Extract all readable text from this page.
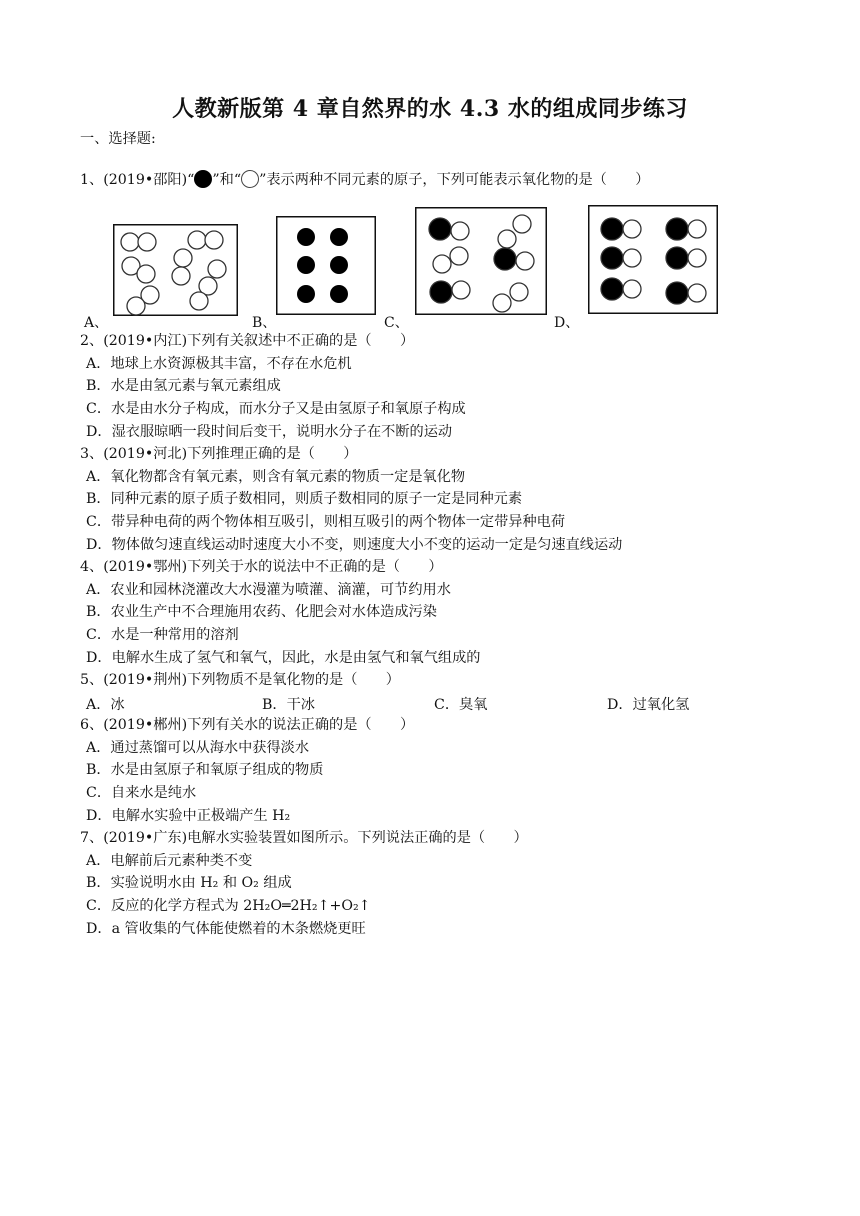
人教新版第 4 章自然界的水 4.3 水的组成同步练习
一、选择题:
1、(2019•邵阳)“ ”和“ ”表示两种不同元素的原子，下列可能表示氧化物的是（　　）
A、	B、	C、	D、
2、(2019•内江)下列有关叙述中不正确的是（　　）
A．地球上水资源极其丰富，不存在水危机
B．水是由氢元素与氧元素组成
C．水是由水分子构成，而水分子又是由氢原子和氧原子构成
D．湿衣服晾晒一段时间后变干，说明水分子在不断的运动
3、(2019•河北)下列推理正确的是（　　）
A．氧化物都含有氧元素，则含有氧元素的物质一定是氧化物
B．同种元素的原子质子数相同，则质子数相同的原子一定是同种元素
C．带异种电荷的两个物体相互吸引，则相互吸引的两个物体一定带异种电荷
D．物体做匀速直线运动时速度大小不变，则速度大小不变的运动一定是匀速直线运动
4、(2019•鄂州)下列关于水的说法中不正确的是（　　）
A．农业和园林浇灌改大水漫灌为喷灌、滴灌，可节约用水
B．农业生产中不合理施用农药、化肥会对水体造成污染
C．水是一种常用的溶剂
D．电解水生成了氢气和氧气，因此，水是由氢气和氧气组成的
5、(2019•荆州)下列物质不是氧化物的是（　　）
A．冰	B．干冰	C．臭氧	D．过氧化氢
6、(2019•郴州)下列有关水的说法正确的是（　　）
A．通过蒸馏可以从海水中获得淡水
B．水是由氢原子和氧原子组成的物质
C．自来水是纯水
D．电解水实验中正极端产生 H₂
7、(2019•广东)电解水实验装置如图所示。下列说法正确的是（　　）
A．电解前后元素种类不变
B．实验说明水由 H₂ 和 O₂ 组成
C．反应的化学方程式为 2H₂O═2H₂↑+O₂↑
D．a 管收集的气体能使燃着的木条燃烧更旺
